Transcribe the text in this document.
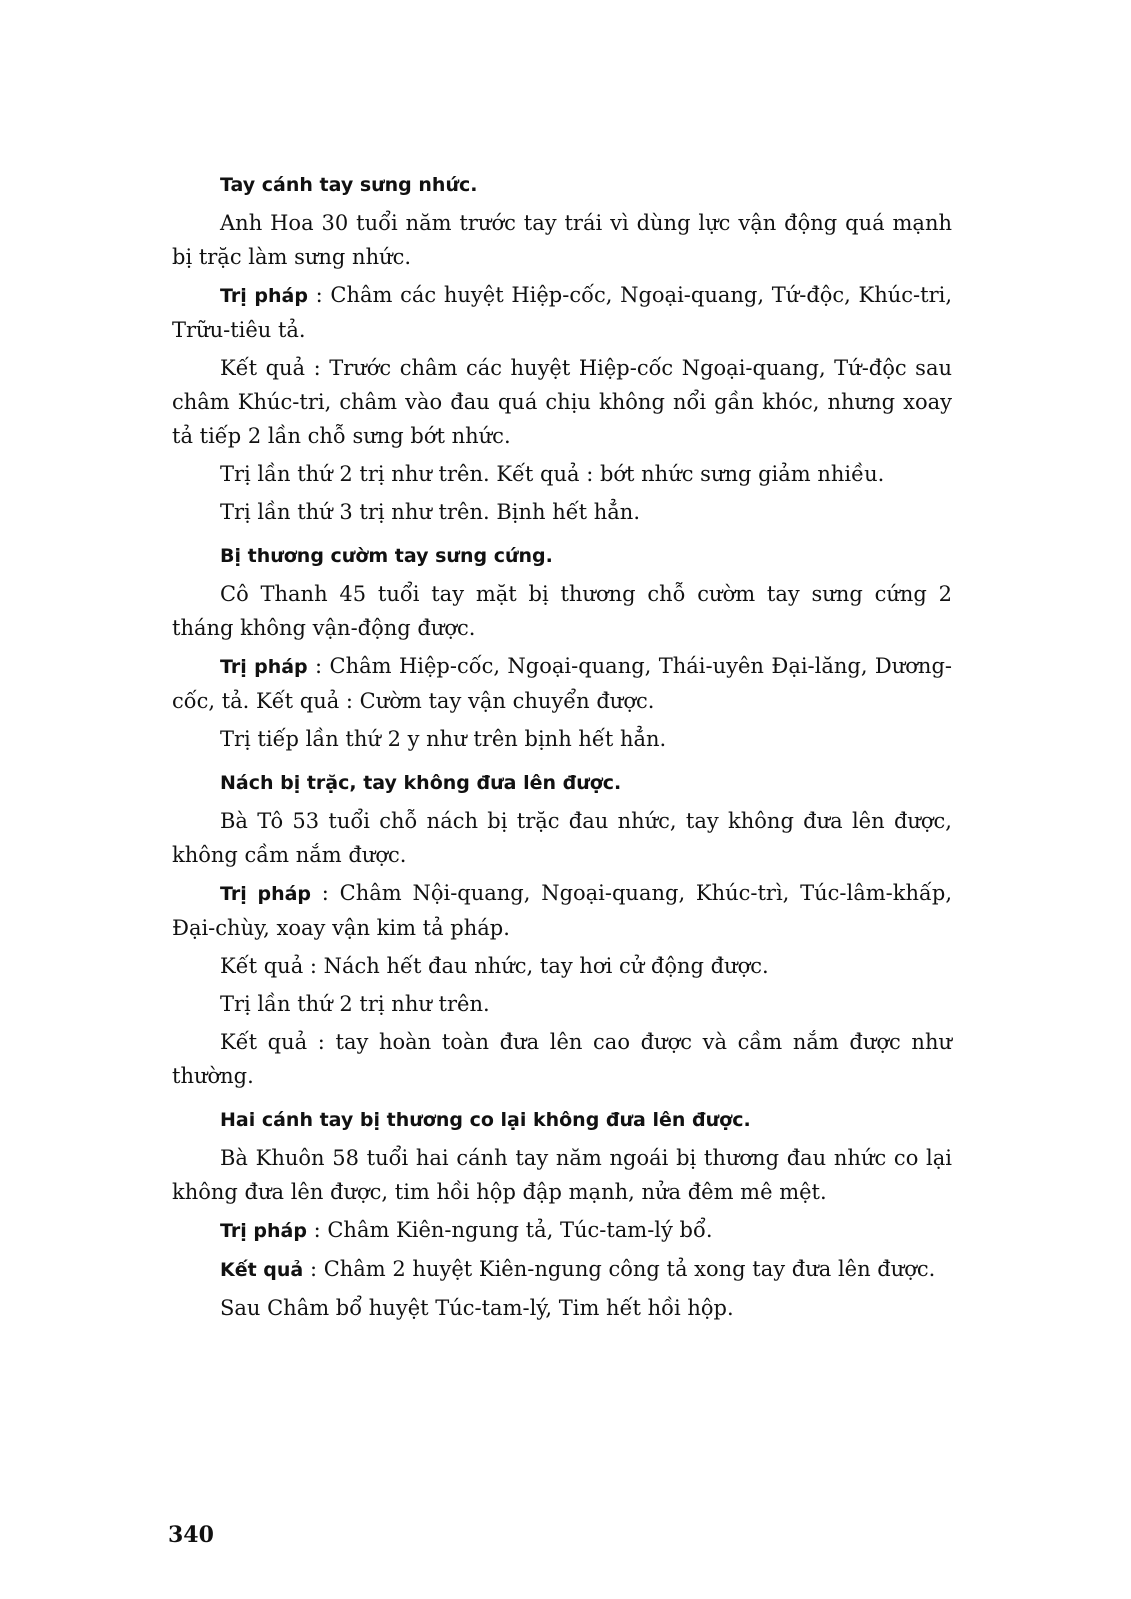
Tay cánh tay sưng nhức.

Anh Hoa 30 tuổi năm trước tay trái vì dùng lực vận động quá mạnh bị trặc làm sưng nhức.

Trị pháp : Châm các huyệt Hiệp-cốc, Ngoại-quang, Tứ-độc, Khúc-tri, Trữu-tiêu tả.

Kết quả : Trước châm các huyệt Hiệp-cốc Ngoại-quang, Tứ-độc sau châm Khúc-tri, châm vào đau quá chịu không nổi gần khóc, nhưng xoay tả tiếp 2 lần chỗ sưng bớt nhức.

Trị lần thứ 2 trị như trên. Kết quả : bớt nhức sưng giảm nhiều.

Trị lần thứ 3 trị như trên. Bịnh hết hẳn.

Bị thương cườm tay sưng cứng.

Cô Thanh 45 tuổi tay mặt bị thương chỗ cườm tay sưng cứng 2 tháng không vận-động được.

Trị pháp : Châm Hiệp-cốc, Ngoại-quang, Thái-uyên Đại-lăng, Dương-cốc, tả. Kết quả : Cườm tay vận chuyển được.

Trị tiếp lần thứ 2 y như trên bịnh hết hẳn.

Nách bị trặc, tay không đưa lên được.

Bà Tô 53 tuổi chỗ nách bị trặc đau nhức, tay không đưa lên được, không cầm nắm được.

Trị pháp : Châm Nội-quang, Ngoại-quang, Khúc-trì, Túc-lâm-khấp, Đại-chùy, xoay vận kim tả pháp.

Kết quả : Nách hết đau nhức, tay hơi cử động được.

Trị lần thứ 2 trị như trên.

Kết quả : tay hoàn toàn đưa lên cao được và cầm nắm được như thường.

Hai cánh tay bị thương co lại không đưa lên được.

Bà Khuôn 58 tuổi hai cánh tay năm ngoái bị thương đau nhức co lại không đưa lên được, tim hồi hộp đập mạnh, nửa đêm mê mệt.

Trị pháp : Châm Kiên-ngung tả, Túc-tam-lý bổ.

Kết quả : Châm 2 huyệt Kiên-ngung công tả xong tay đưa lên được.

Sau Châm bổ huyệt Túc-tam-lý, Tim hết hồi hộp.

340
